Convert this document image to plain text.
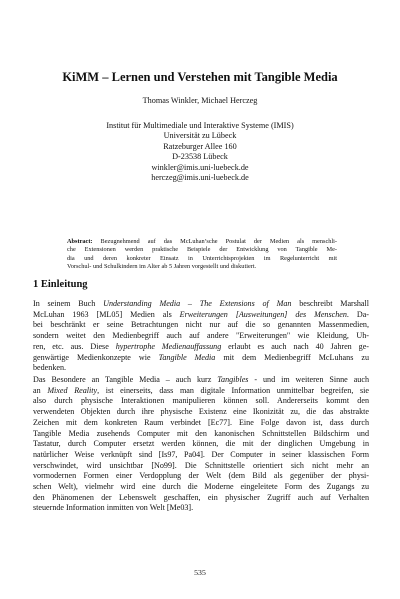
KiMM – Lernen und Verstehen mit Tangible Media
Thomas Winkler, Michael Herczeg
Institut für Multimediale und Interaktive Systeme (IMIS)
Universität zu Lübeck
Ratzeburger Allee 160
D-23538 Lübeck
winkler@imis.uni-luebeck.de
herczeg@imis.uni-luebeck.de
Abstract: Bezugnehmend auf das McLuhan’sche Postulat der Medien als menschli-
che Extensionen werden praktische Beispiele der Entwicklung von Tangible Me-
dia und deren konkreter Einsatz in Unterrichtsprojekten im Regelunterricht mit
Vorschul- und Schulkindern im Alter ab 5 Jahren vorgestellt und diskutiert.
1 Einleitung
In seinem Buch Understanding Media – The Extensions of Man beschreibt Marshall
McLuhan 1963 [ML05] Medien als Erweiterungen [Ausweitungen] des Menschen. Da-
bei beschränkt er seine Betrachtungen nicht nur auf die so genannten Massenmedien,
sondern weitet den Medienbegriff auch auf andere "Erweiterungen" wie Kleidung, Uh-
ren, etc. aus. Diese hypertrophe Medienauffassung erlaubt es auch nach 40 Jahren ge-
genwärtige Medienkonzepte wie Tangible Media mit dem Medienbegriff McLuhans zu
bedenken.
Das Besondere an Tangible Media – auch kurz Tangibles - und im weiteren Sinne auch
an Mixed Reality, ist einerseits, dass man digitale Information unmittelbar begreifen, sie
also durch physische Interaktionen manipulieren können soll. Andererseits kommt den
verwendeten Objekten durch ihre physische Existenz eine Ikonizität zu, die das abstrakte
Zeichen mit dem konkreten Raum verbindet [Ec77]. Eine Folge davon ist, dass durch
Tangible Media zusehends Computer mit den kanonischen Schnittstellen Bildschirm und
Tastatur, durch Computer ersetzt werden können, die mit der dinglichen Umgebung in
natürlicher Weise verknüpft sind [Is97, Pa04]. Der Computer in seiner klassischen Form
verschwindet, wird unsichtbar [No99]. Die Schnittstelle orientiert sich nicht mehr an
vormodernen Formen einer Verdopplung der Welt (dem Bild als gegenüber der physi-
schen Welt), vielmehr wird eine durch die Moderne eingeleitete Form des Zugangs zu
den Phänomenen der Lebenswelt geschaffen, ein physischer Zugriff auch auf Verhalten
steuernde Information inmitten von Welt [Me03].
535
